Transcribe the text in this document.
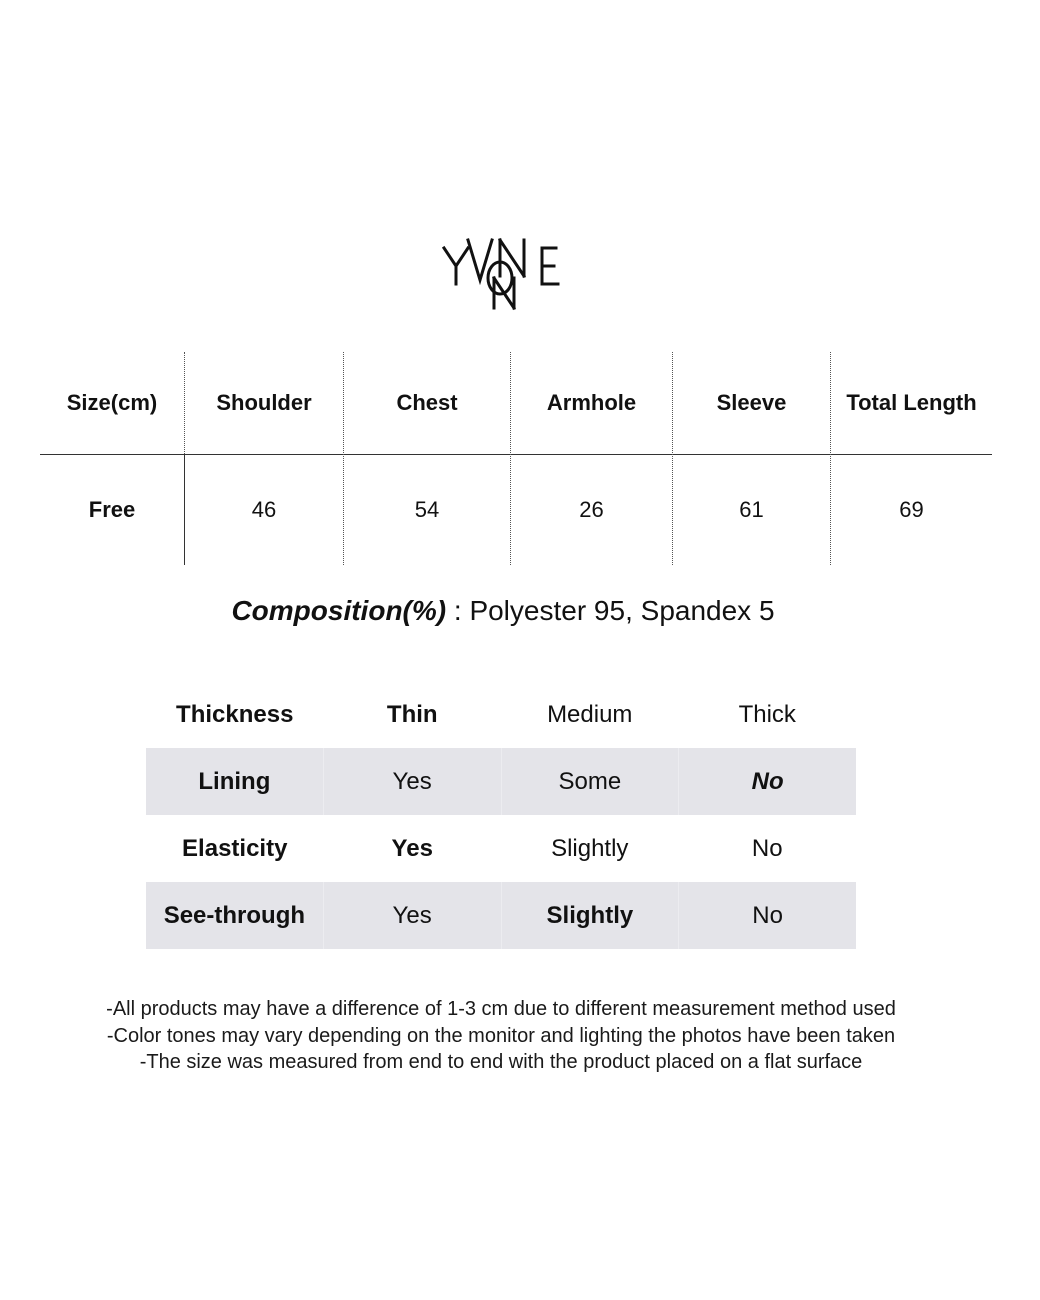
Size(cm)	Shoulder	Chest	Armhole	Sleeve	Total Length
Free	46	54	26	61	69
Composition(%) : Polyester 95, Spandex 5
Thickness	Thin	Medium	Thick
Lining	Yes	Some	No
Elasticity	Yes	Slightly	No
See-through	Yes	Slightly	No
-All products may have a difference of 1-3 cm due to different measurement method used
-Color tones may vary depending on the monitor and lighting the photos have been taken
-The size was measured from end to end with the product placed on a flat surface
